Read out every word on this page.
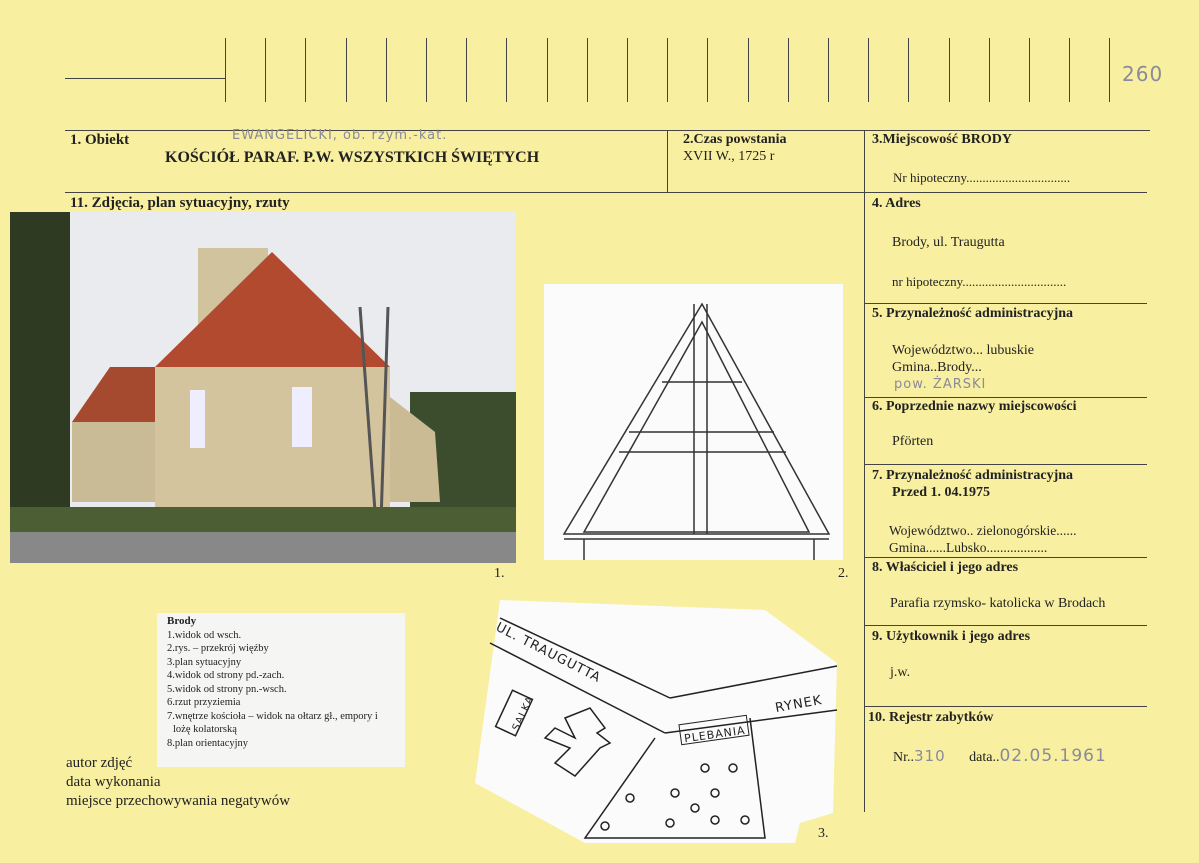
260
1. Obiekt	EWANGELICKI, ob. rzym.-kat.
KOŚCIÓŁ PARAF. P.W. WSZYSTKICH ŚWIĘTYCH
2.Czas powstania
XVII W., 1725 r
3.Miejscowość BRODY
Nr hipoteczny................................
11. Zdjęcia, plan sytuacyjny, rzuty	4. Adres
Brody, ul. Traugutta
nr hipoteczny................................
5. Przynależność administracyjna
Województwo... lubuskie
Gmina..Brody...
pow. ŻARSKI
6. Poprzednie nazwy miejscowości
Pförten
7. Przynależność administracyjna
Przed 1. 04.1975
Województwo.. zielonogórskie......
Gmina......Lubsko..................
8. Właściciel i jego adres
Parafia rzymsko- katolicka w Brodach
9. Użytkownik i jego adres
j.w.
10. Rejestr zabytków
Nr..310 data..02.05.1961
Brody
1.widok od wsch.
2.rys. – przekrój więźby
3.plan sytuacyjny
4.widok od strony pd.-zach.
5.widok od strony pn.-wsch.
6.rzut przyziemia
7.wnętrze kościoła – widok na ołtarz gł., empory i
lożę kolatorską
8.plan orientacyjny
UL. TRAUGUTTA
RYNEK
SALKA
PLEBANIA
1.	2.
3.
autor zdjęć
data wykonania
miejsce przechowywania negatywów
